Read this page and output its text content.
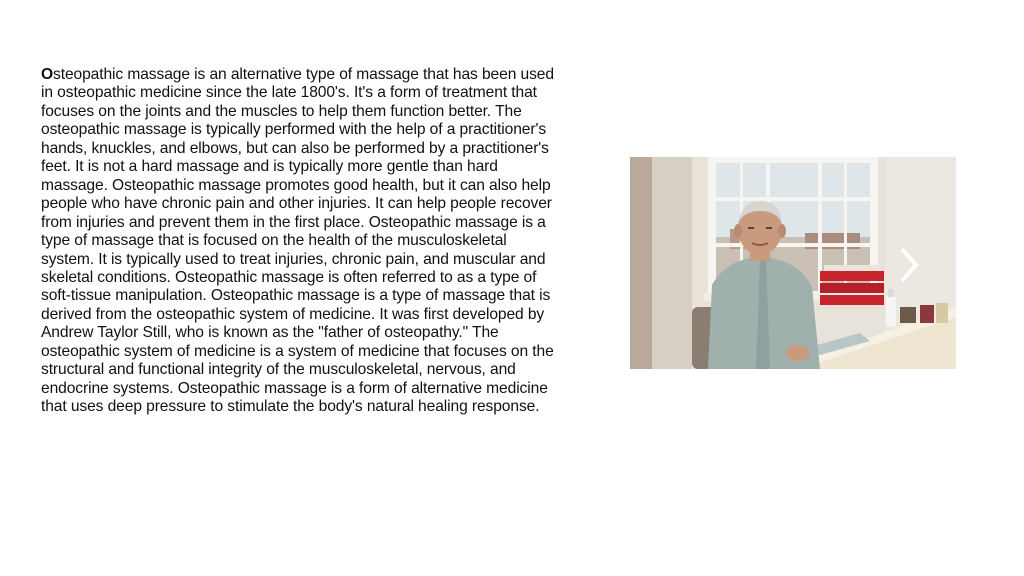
Osteopathic massage is an alternative type of massage that has been used in osteopathic medicine since the late 1800's. It's a form of treatment that focuses on the joints and the muscles to help them function better. The osteopathic massage is typically performed with the help of a practitioner's hands, knuckles, and elbows, but can also be performed by a practitioner's feet. It is not a hard massage and is typically more gentle than hard massage. Osteopathic massage promotes good health, but it can also help people who have chronic pain and other injuries. It can help people recover from injuries and prevent them in the first place. Osteopathic massage is a type of massage that is focused on the health of the musculoskeletal system. It is typically used to treat injuries, chronic pain, and muscular and skeletal conditions. Osteopathic massage is often referred to as a type of soft-tissue manipulation. Osteopathic massage is a type of massage that is derived from the osteopathic system of medicine. It was first developed by Andrew Taylor Still, who is known as the "father of osteopathy." The osteopathic system of medicine is a system of medicine that focuses on the structural and functional integrity of the musculoskeletal, nervous, and endocrine systems. Osteopathic massage is a form of alternative medicine that uses deep pressure to stimulate the body's natural healing response.
